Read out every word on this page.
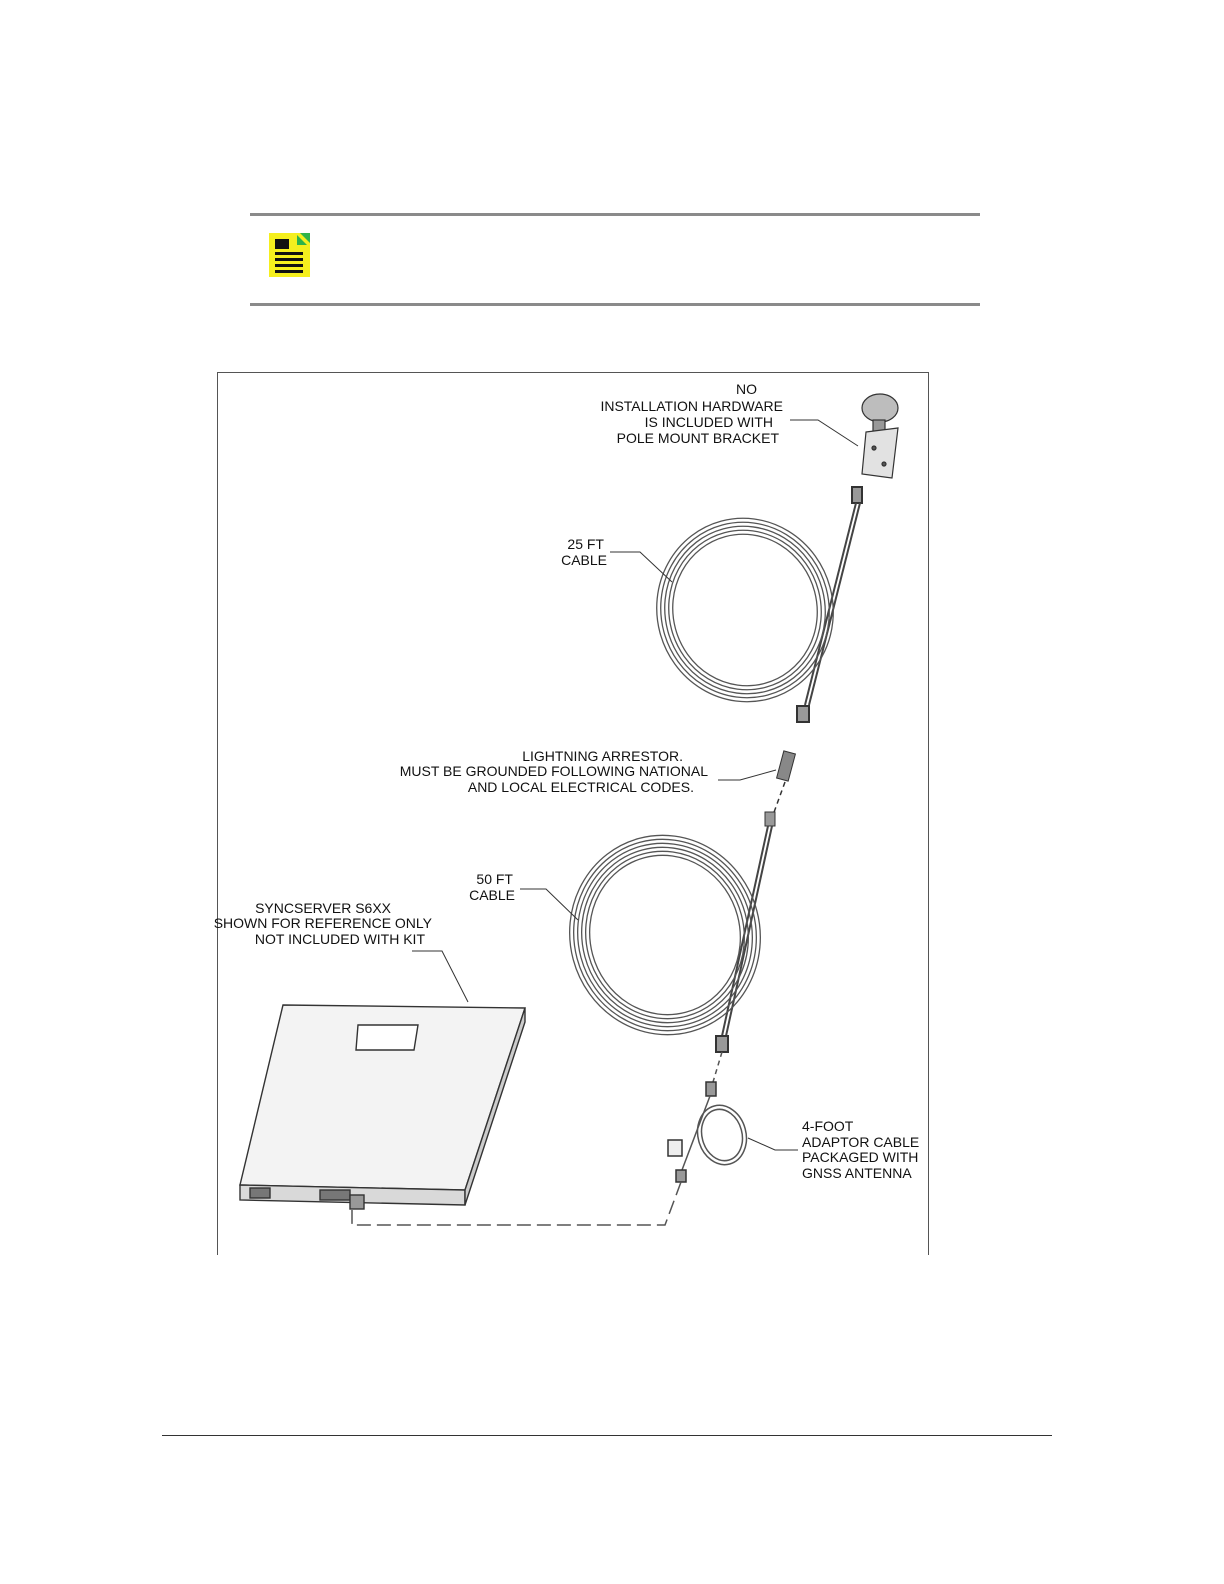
NO
INSTALLATION HARDWARE
IS INCLUDED WITH
POLE MOUNT BRACKET
25 FT
CABLE
LIGHTNING ARRESTOR.
MUST BE GROUNDED FOLLOWING NATIONAL
AND LOCAL ELECTRICAL CODES.
50 FT
CABLE
SYNCSERVER S6XX
SHOWN FOR REFERENCE ONLY
NOT INCLUDED WITH KIT
4-FOOT
ADAPTOR CABLE
PACKAGED WITH
GNSS ANTENNA
